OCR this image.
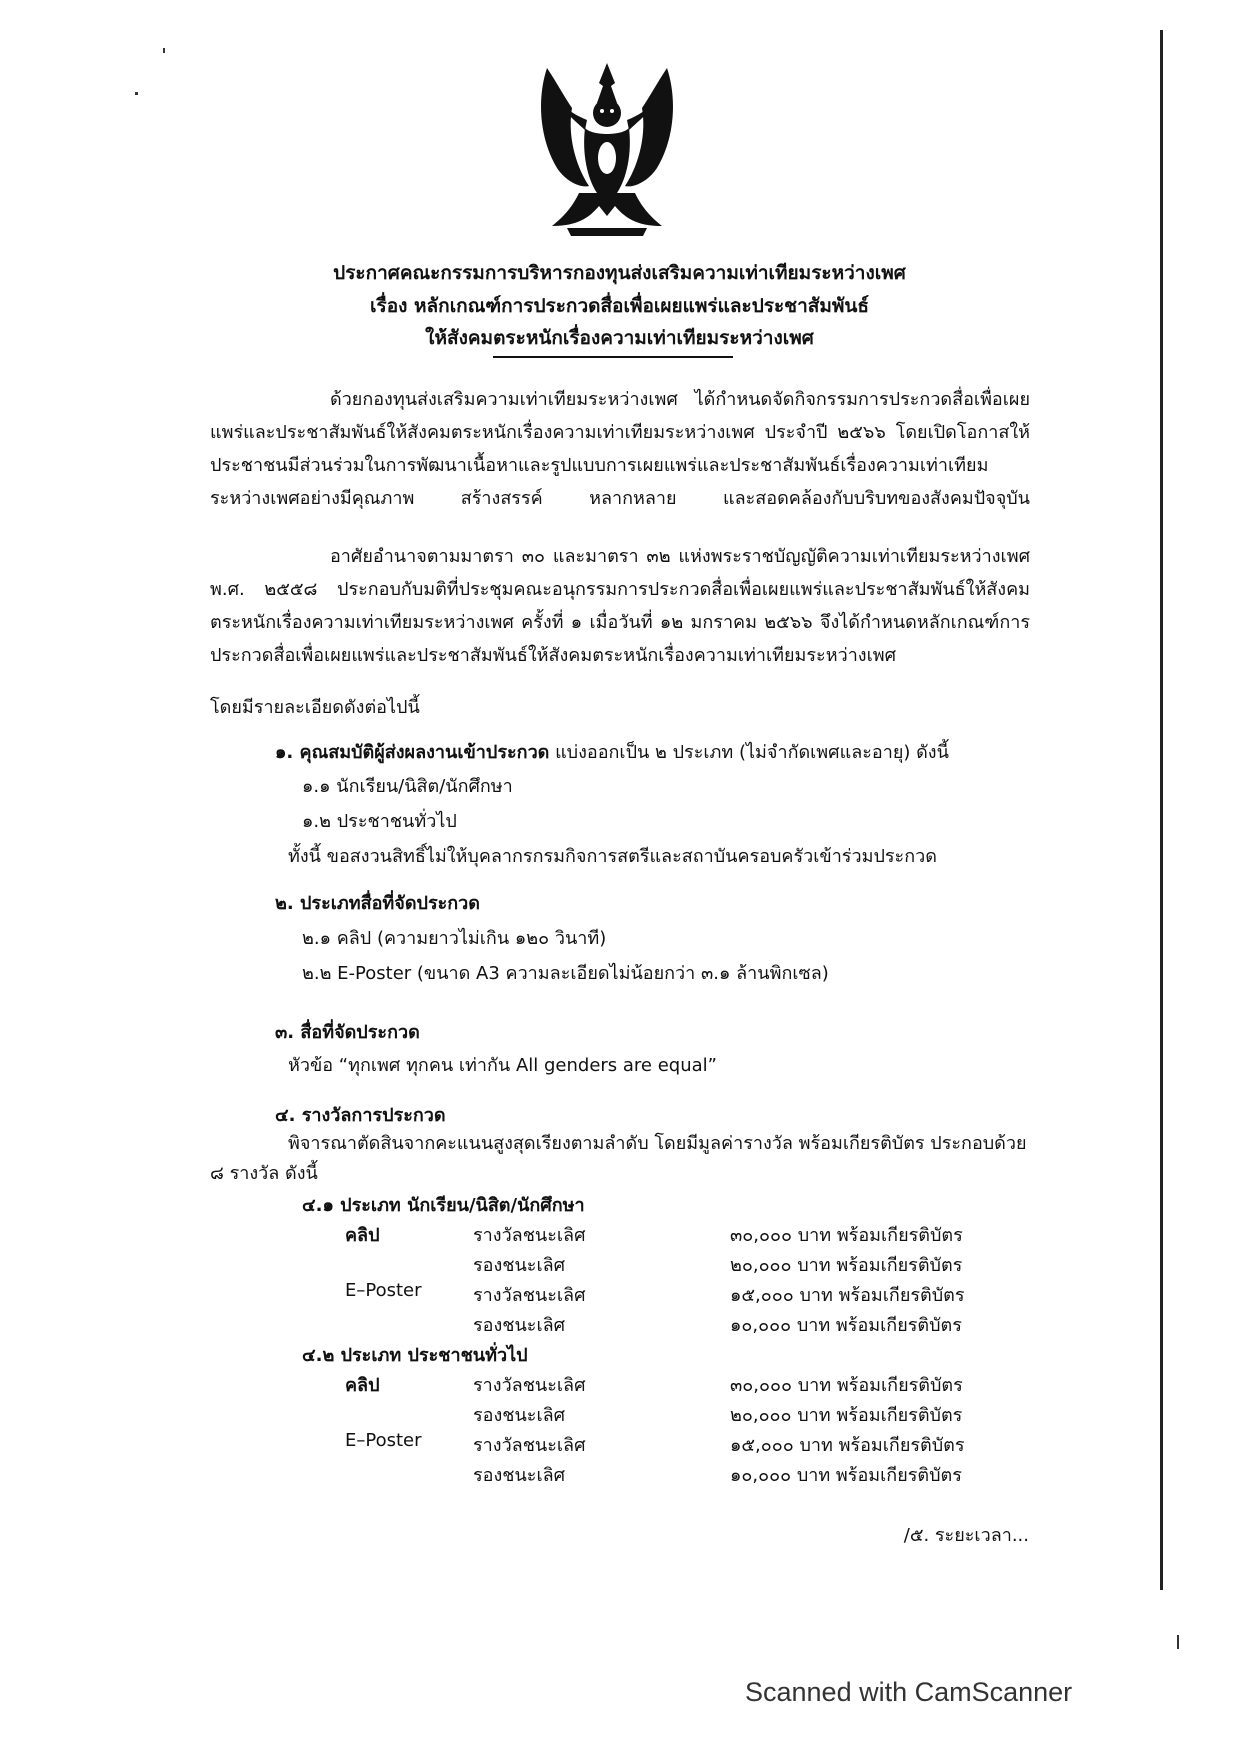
ประกาศคณะกรรมการบริหารกองทุนส่งเสริมความเท่าเทียมระหว่างเพศ
เรื่อง หลักเกณฑ์การประกวดสื่อเพื่อเผยแพร่และประชาสัมพันธ์
ให้สังคมตระหนักเรื่องความเท่าเทียมระหว่างเพศ

ด้วยกองทุนส่งเสริมความเท่าเทียมระหว่างเพศ ได้กำหนดจัดกิจกรรมการประกวดสื่อเพื่อเผยแพร่และประชาสัมพันธ์ให้สังคมตระหนักเรื่องความเท่าเทียมระหว่างเพศ ประจำปี ๒๕๖๖ โดยเปิดโอกาสให้ประชาชนมีส่วนร่วมในการพัฒนาเนื้อหาและรูปแบบการเผยแพร่และประชาสัมพันธ์เรื่องความเท่าเทียมระหว่างเพศอย่างมีคุณภาพ สร้างสรรค์ หลากหลาย และสอดคล้องกับบริบทของสังคมปัจจุบัน

อาศัยอำนาจตามมาตรา ๓๐ และมาตรา ๓๒ แห่งพระราชบัญญัติความเท่าเทียมระหว่างเพศ พ.ศ. ๒๕๕๘ ประกอบกับมติที่ประชุมคณะอนุกรรมการประกวดสื่อเพื่อเผยแพร่และประชาสัมพันธ์ให้สังคมตระหนักเรื่องความเท่าเทียมระหว่างเพศ ครั้งที่ ๑ เมื่อวันที่ ๑๒ มกราคม ๒๕๖๖ จึงได้กำหนดหลักเกณฑ์การประกวดสื่อเพื่อเผยแพร่และประชาสัมพันธ์ให้สังคมตระหนักเรื่องความเท่าเทียมระหว่างเพศ

โดยมีรายละเอียดดังต่อไปนี้
๑. คุณสมบัติผู้ส่งผลงานเข้าประกวด แบ่งออกเป็น ๒ ประเภท (ไม่จำกัดเพศและอายุ) ดังนี้
๑.๑ นักเรียน/นิสิต/นักศึกษา
๑.๒ ประชาชนทั่วไป
ทั้งนี้ ขอสงวนสิทธิ์ไม่ให้บุคลากรกรมกิจการสตรีและสถาบันครอบครัวเข้าร่วมประกวด
๒. ประเภทสื่อที่จัดประกวด
๒.๑ คลิป (ความยาวไม่เกิน ๑๒๐ วินาที)
๒.๒ E-Poster (ขนาด A3 ความละเอียดไม่น้อยกว่า ๓.๑ ล้านพิกเซล)
๓. สื่อที่จัดประกวด
หัวข้อ “ทุกเพศ ทุกคน เท่ากัน All genders are equal”
๔. รางวัลการประกวด
พิจารณาตัดสินจากคะแนนสูงสุดเรียงตามลำดับ โดยมีมูลค่ารางวัล พร้อมเกียรติบัตร ประกอบด้วย
๘ รางวัล ดังนี้
๔.๑ ประเภท นักเรียน/นิสิต/นักศึกษา
คลิป	รางวัลชนะเลิศ	๓๐,๐๐๐ บาท พร้อมเกียรติบัตร
รองชนะเลิศ	๒๐,๐๐๐ บาท พร้อมเกียรติบัตร
E–Poster	รางวัลชนะเลิศ	๑๕,๐๐๐ บาท พร้อมเกียรติบัตร
รองชนะเลิศ	๑๐,๐๐๐ บาท พร้อมเกียรติบัตร
๔.๒ ประเภท ประชาชนทั่วไป
คลิป	รางวัลชนะเลิศ	๓๐,๐๐๐ บาท พร้อมเกียรติบัตร
รองชนะเลิศ	๒๐,๐๐๐ บาท พร้อมเกียรติบัตร
E–Poster	รางวัลชนะเลิศ	๑๕,๐๐๐ บาท พร้อมเกียรติบัตร
รองชนะเลิศ	๑๐,๐๐๐ บาท พร้อมเกียรติบัตร
/๕. ระยะเวลา...
Scanned with CamScanner
